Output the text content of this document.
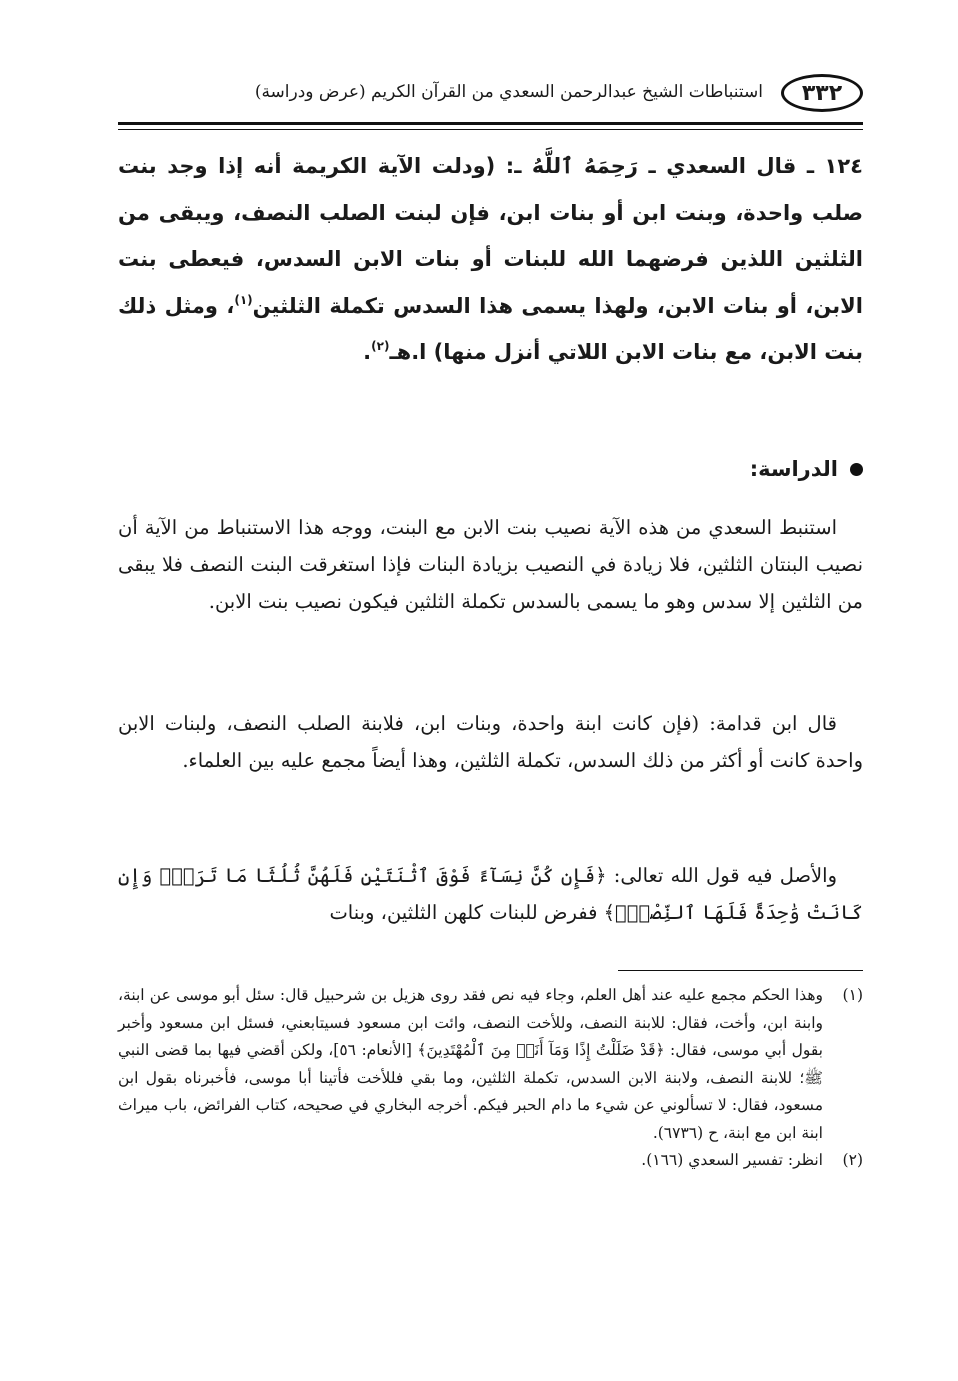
٣٣٢
استنباطات الشيخ عبدالرحمن السعدي من القرآن الكريم (عرض ودراسة)

١٢٤ ـ قال السعدي ـ رَحِمَهُ ٱللَّهُ ـ: (ودلت الآية الكريمة أنه إذا وجد بنت صلب واحدة، وبنت ابن أو بنات ابن، فإن لبنت الصلب النصف، ويبقى من الثلثين اللذين فرضهما الله للبنات أو بنات الابن السدس، فيعطى بنت الابن، أو بنات الابن، ولهذا يسمى هذا السدس تكملة الثلثين$^{(١)}$، ومثل ذلك بنت الابن، مع بنات الابن اللاتي أنزل منها) ا.هـ$^{(٢)}$.

الدراسة:

استنبط السعدي من هذه الآية نصيب بنت الابن مع البنت، ووجه هذا الاستنباط من الآية أن نصيب البنتان الثلثين، فلا زيادة في النصيب بزيادة البنات فإذا استغرقت البنت النصف فلا يبقى من الثلثين إلا سدس وهو ما يسمى بالسدس تكملة الثلثين فيكون نصيب بنت الابن.

قال ابن قدامة: (فإن كانت ابنة واحدة، وبنات ابن، فلابنة الصلب النصف، ولبنات الابن واحدة كانت أو أكثر من ذلك السدس، تكملة الثلثين، وهذا أيضاً مجمع عليه بين العلماء.

والأصل فيه قول الله تعالى: ﴿فَإِن كُنَّ نِسَآءً فَوْقَ ٱثْنَتَيْنِ فَلَهُنَّ ثُلُثَا مَا تَرَكَۖ وَإِن كَانَتْ وَٰحِدَةً فَلَهَا ٱلنِّصْفُۚ﴾ ففرض للبنات كلهن الثلثين، وبنات

(١)
وهذا الحكم مجمع عليه عند أهل العلم، وجاء فيه نص فقد روى هزيل بن شرحبيل قال: سئل أبو موسى عن ابنة، وابنة ابن، وأخت، فقال: للابنة النصف، وللأخت النصف، وائت ابن مسعود فسيتابعني، فسئل ابن مسعود وأخبر بقول أبي موسى، فقال: ﴿قَدْ ضَلَلْتُ إِذًا وَمَآ أَنَا۠ مِنَ ٱلْمُهْتَدِينَ﴾ [الأنعام: ٥٦]، ولكن أقضي فيها بما قضى النبي ﷺ؛ للابنة النصف، ولابنة الابن السدس، تكملة الثلثين، وما بقي فللأخت فأتينا أبا موسى، فأخبرناه بقول ابن مسعود، فقال: لا تسألوني عن شيء ما دام الحبر فيكم. أخرجه البخاري في صحيحه، كتاب الفرائض، باب ميراث ابنة ابن مع ابنة، ح (٦٧٣٦).
(٢)
انظر: تفسير السعدي (١٦٦).
